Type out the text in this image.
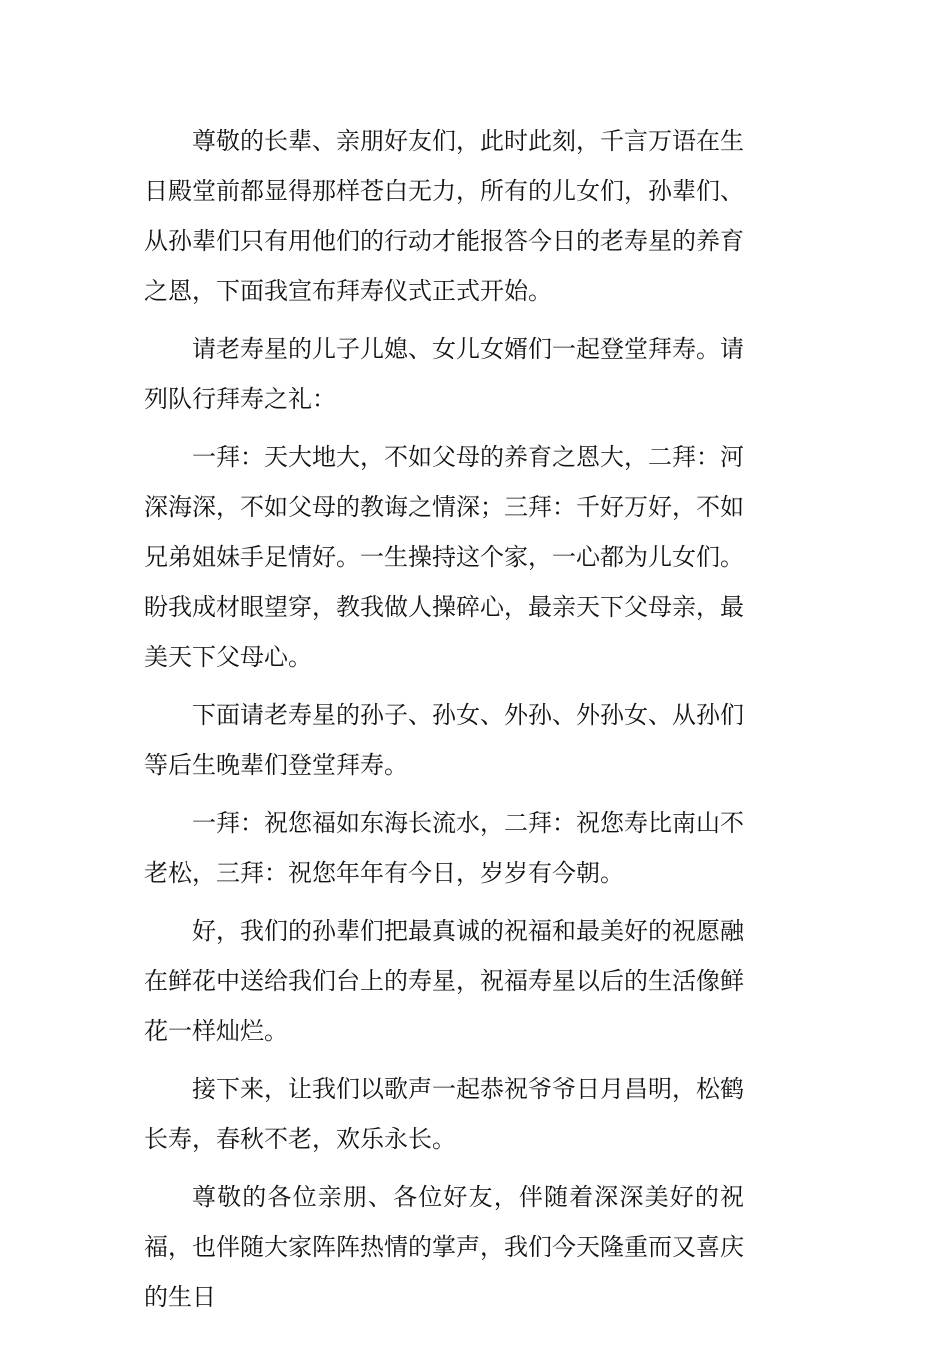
尊敬的长辈、亲朋好友们，此时此刻，千言万语在生日殿堂前都显得那样苍白无力，所有的儿女们，孙辈们、从孙辈们只有用他们的行动才能报答今日的老寿星的养育之恩，下面我宣布拜寿仪式正式开始。

请老寿星的儿子儿媳、女儿女婿们一起登堂拜寿。请列队行拜寿之礼：

一拜：天大地大，不如父母的养育之恩大，二拜：河深海深，不如父母的教诲之情深；三拜：千好万好，不如兄弟姐妹手足情好。一生操持这个家，一心都为儿女们。盼我成材眼望穿，教我做人操碎心，最亲天下父母亲，最美天下父母心。

下面请老寿星的孙子、孙女、外孙、外孙女、从孙们等后生晚辈们登堂拜寿。

一拜：祝您福如东海长流水，二拜：祝您寿比南山不老松，三拜：祝您年年有今日，岁岁有今朝。

好，我们的孙辈们把最真诚的祝福和最美好的祝愿融在鲜花中送给我们台上的寿星，祝福寿星以后的生活像鲜花一样灿烂。

接下来，让我们以歌声一起恭祝爷爷日月昌明，松鹤长寿，春秋不老，欢乐永长。

尊敬的各位亲朋、各位好友，伴随着深深美好的祝福，也伴随大家阵阵热情的掌声，我们今天隆重而又喜庆的生日
